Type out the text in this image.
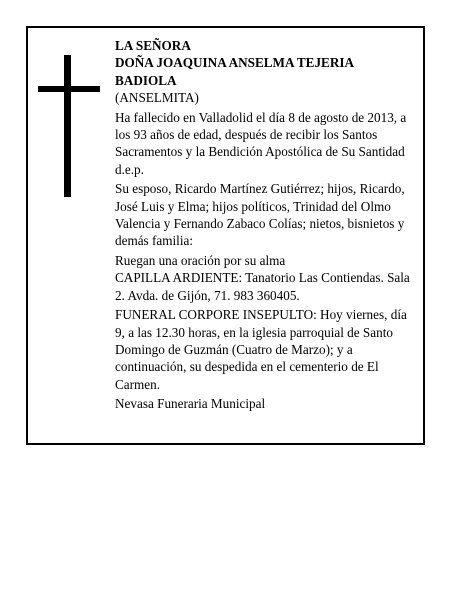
LA SEÑORA

DOÑA JOAQUINA ANSELMA TEJERIA

BADIOLA

(ANSELMITA)

Ha fallecido en Valladolid el día 8 de agosto de 2013, a los 93 años de edad, después de recibir los Santos Sacramentos y la Bendición Apostólica de Su Santidad

d.e.p.

Su esposo, Ricardo Martínez Gutiérrez; hijos, Ricardo, José Luis y Elma; hijos políticos, Trinidad del Olmo Valencia y Fernando Zabaco Colías; nietos, bisnietos y demás familia:

Ruegan una oración por su alma

CAPILLA ARDIENTE: Tanatorio Las Contiendas. Sala 2. Avda. de Gijón, 71. 983 360405.

FUNERAL CORPORE INSEPULTO: Hoy viernes, día 9, a las 12.30 horas, en la iglesia parroquial de Santo Domingo de Guzmán (Cuatro de Marzo); y a continuación, su despedida en el cementerio de El Carmen.

Nevasa Funeraria Municipal
